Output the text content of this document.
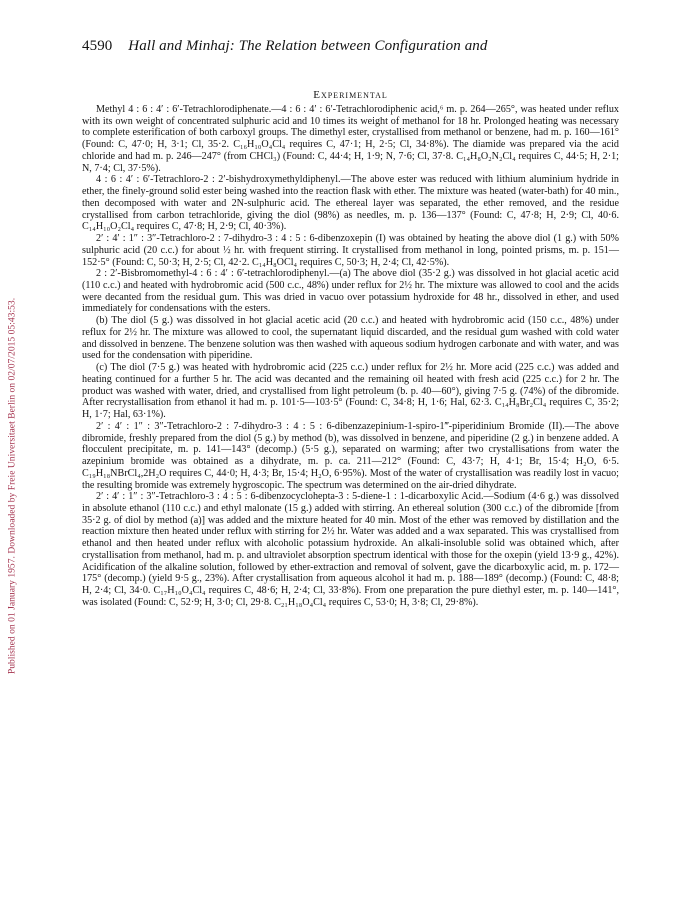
Published on 01 January 1957. Downloaded by Freie Universitaet Berlin on 02/07/2015 05:43:53.
4590 Hall and Minhaj: The Relation between Configuration and
Experimental

Methyl 4 : 6 : 4′ : 6′-Tetrachlorodiphenate.—4 : 6 : 4′ : 6′-Tetrachlorodiphenic acid,⁶ m. p. 264—265°, was heated under reflux with its own weight of concentrated sulphuric acid and 10 times its weight of methanol for 18 hr. Prolonged heating was necessary to complete esterification of both carboxyl groups. The dimethyl ester, crystallised from methanol or benzene, had m. p. 160—161° (Found: C, 47·0; H, 3·1; Cl, 35·2. C₁₆H₁₀O₄Cl₄ requires C, 47·1; H, 2·5; Cl, 34·8%). The diamide was prepared via the acid chloride and had m. p. 246—247° (from CHCl₃) (Found: C, 44·4; H, 1·9; N, 7·6; Cl, 37·8. C₁₄H₈O₂N₂Cl₄ requires C, 44·5; H, 2·1; N, 7·4; Cl, 37·5%).

4 : 6 : 4′ : 6′-Tetrachloro-2 : 2′-bishydroxymethyldiphenyl.—The above ester was reduced with lithium aluminium hydride in ether, the finely-ground solid ester being washed into the reaction flask with ether. The mixture was heated (water-bath) for 40 min., then decomposed with water and 2N-sulphuric acid. The ethereal layer was separated, the ether removed, and the residue crystallised from carbon tetrachloride, giving the diol (98%) as needles, m. p. 136—137° (Found: C, 47·8; H, 2·9; Cl, 40·6. C₁₄H₁₀O₂Cl₄ requires C, 47·8; H, 2·9; Cl, 40·3%).

2′ : 4′ : 1″ : 3″-Tetrachloro-2 : 7-dihydro-3 : 4 : 5 : 6-dibenzoxepin (I) was obtained by heating the above diol (1 g.) with 50% sulphuric acid (20 c.c.) for about ½ hr. with frequent stirring. It crystallised from methanol in long, pointed prisms, m. p. 151—152·5° (Found: C, 50·3; H, 2·5; Cl, 42·2. C₁₄H₈OCl₄ requires C, 50·3; H, 2·4; Cl, 42·5%).

2 : 2′-Bisbromomethyl-4 : 6 : 4′ : 6′-tetrachlorodiphenyl.—(a) The above diol (35·2 g.) was dissolved in hot glacial acetic acid (110 c.c.) and heated with hydrobromic acid (500 c.c., 48%) under reflux for 2½ hr. The mixture was allowed to cool and the acids were decanted from the residual gum. This was dried in vacuo over potassium hydroxide for 48 hr., dissolved in ether, and used immediately for condensations with the esters.

(b) The diol (5 g.) was dissolved in hot glacial acetic acid (20 c.c.) and heated with hydrobromic acid (150 c.c., 48%) under reflux for 2½ hr. The mixture was allowed to cool, the supernatant liquid discarded, and the residual gum washed with cold water and dissolved in benzene. The benzene solution was then washed with aqueous sodium hydrogen carbonate and with water, and was used for the condensation with piperidine.

(c) The diol (7·5 g.) was heated with hydrobromic acid (225 c.c.) under reflux for 2½ hr. More acid (225 c.c.) was added and heating continued for a further 5 hr. The acid was decanted and the remaining oil heated with fresh acid (225 c.c.) for 2 hr. The product was washed with water, dried, and crystallised from light petroleum (b. p. 40—60°), giving 7·5 g. (74%) of the dibromide. After recrystallisation from ethanol it had m. p. 101·5—103·5° (Found: C, 34·8; H, 1·6; Hal, 62·3. C₁₄H₈Br₂Cl₄ requires C, 35·2; H, 1·7; Hal, 63·1%).

2′ : 4′ : 1″ : 3″-Tetrachloro-2 : 7-dihydro-3 : 4 : 5 : 6-dibenzazepinium-1-spiro-1‴-piperidinium Bromide (II).—The above dibromide, freshly prepared from the diol (5 g.) by method (b), was dissolved in benzene, and piperidine (2 g.) in benzene added. A flocculent precipitate, m. p. 141—143° (decomp.) (5·5 g.), separated on warming; after two crystallisations from water the azepinium bromide was obtained as a dihydrate, m. p. ca. 211—212° (Found: C, 43·7; H, 4·1; Br, 15·4; H₂O, 6·5. C₁₉H₁₈NBrCl₄,2H₂O requires C, 44·0; H, 4·3; Br, 15·4; H₂O, 6·95%). Most of the water of crystallisation was readily lost in vacuo; the resulting bromide was extremely hygroscopic. The spectrum was determined on the air-dried dihydrate.

2′ : 4′ : 1″ : 3″-Tetrachloro-3 : 4 : 5 : 6-dibenzocyclohepta-3 : 5-diene-1 : 1-dicarboxylic Acid.—Sodium (4·6 g.) was dissolved in absolute ethanol (110 c.c.) and ethyl malonate (15 g.) added with stirring. An ethereal solution (300 c.c.) of the dibromide [from 35·2 g. of diol by method (a)] was added and the mixture heated for 40 min. Most of the ether was removed by distillation and the reaction mixture then heated under reflux with stirring for 2½ hr. Water was added and a wax separated. This was crystallised from ethanol and then heated under reflux with alcoholic potassium hydroxide. An alkali-insoluble solid was obtained which, after crystallisation from methanol, had m. p. and ultraviolet absorption spectrum identical with those for the oxepin (yield 13·9 g., 42%). Acidification of the alkaline solution, followed by ether-extraction and removal of solvent, gave the dicarboxylic acid, m. p. 172—175° (decomp.) (yield 9·5 g., 23%). After crystallisation from aqueous alcohol it had m. p. 188—189° (decomp.) (Found: C, 48·8; H, 2·4; Cl, 34·0. C₁₇H₁₀O₄Cl₄ requires C, 48·6; H, 2·4; Cl, 33·8%). From one preparation the pure diethyl ester, m. p. 140—141°, was isolated (Found: C, 52·9; H, 3·0; Cl, 29·8. C₂₁H₁₈O₄Cl₄ requires C, 53·0; H, 3·8; Cl, 29·8%).
